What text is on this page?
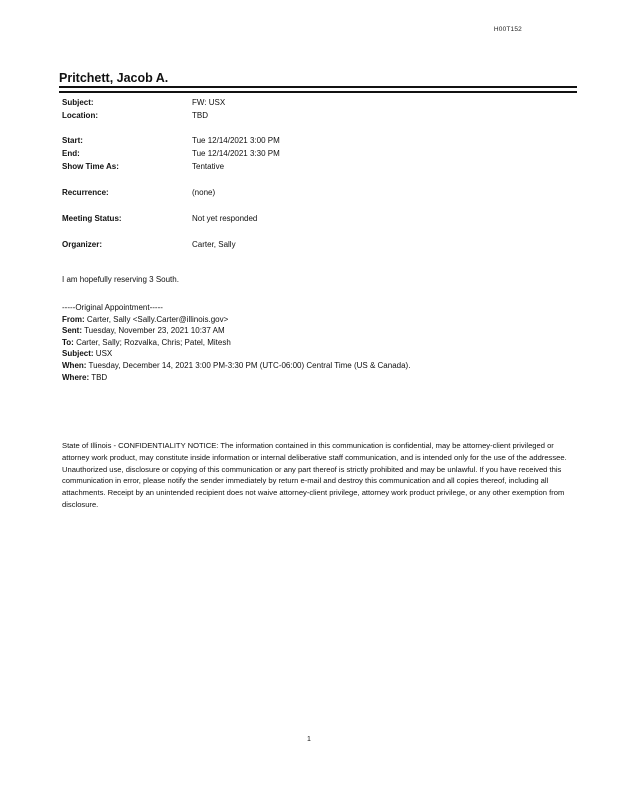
H00T152
Pritchett, Jacob A.
Subject:	FW: USX
Location:	TBD
Start:	Tue 12/14/2021 3:00 PM
End:	Tue 12/14/2021 3:30 PM
Show Time As:	Tentative
Recurrence:	(none)
Meeting Status:	Not yet responded
Organizer:	Carter, Sally
I am hopefully reserving 3 South.
-----Original Appointment-----
From: Carter, Sally <Sally.Carter@illinois.gov>
Sent: Tuesday, November 23, 2021 10:37 AM
To: Carter, Sally; Rozvalka, Chris; Patel, Mitesh
Subject: USX
When: Tuesday, December 14, 2021 3:00 PM-3:30 PM (UTC-06:00) Central Time (US & Canada).
Where: TBD
State of Illinois - CONFIDENTIALITY NOTICE: The information contained in this communication is confidential, may be attorney-client privileged or attorney work product, may constitute inside information or internal deliberative staff communication, and is intended only for the use of the addressee. Unauthorized use, disclosure or copying of this communication or any part thereof is strictly prohibited and may be unlawful. If you have received this communication in error, please notify the sender immediately by return e-mail and destroy this communication and all copies thereof, including all attachments. Receipt by an unintended recipient does not waive attorney-client privilege, attorney work product privilege, or any other exemption from disclosure.
1
